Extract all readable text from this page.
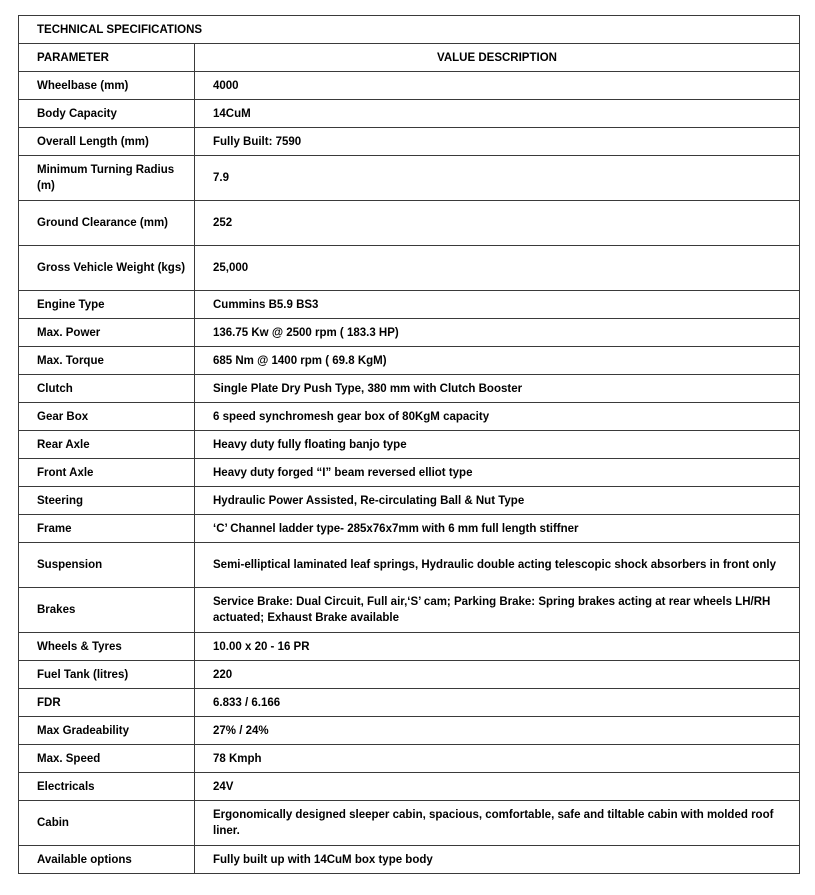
TECHNICAL SPECIFICATIONS	
PARAMETER	VALUE DESCRIPTION
Wheelbase (mm)	4000
Body Capacity	14CuM
Overall Length (mm)	Fully Built: 7590
Minimum Turning Radius (m)	7.9
Ground Clearance (mm)	252
Gross Vehicle Weight (kgs)	25,000
Engine Type	Cummins B5.9 BS3
Max. Power	136.75 Kw @ 2500 rpm ( 183.3 HP)
Max. Torque	685 Nm @ 1400 rpm ( 69.8 KgM)
Clutch	Single Plate Dry Push Type, 380 mm with Clutch Booster
Gear Box	6 speed synchromesh gear box of 80KgM capacity
Rear Axle	Heavy duty fully floating banjo type
Front Axle	Heavy duty forged “I” beam reversed elliot type
Steering	Hydraulic Power Assisted, Re-circulating Ball & Nut Type
Frame	‘C’ Channel ladder type- 285x76x7mm with 6 mm full length stiffner
Suspension	Semi-elliptical laminated leaf springs, Hydraulic double acting telescopic shock absorbers in front only
Brakes	Service Brake: Dual Circuit, Full air,‘S’ cam; Parking Brake: Spring brakes acting at rear wheels LH/RH actuated; Exhaust Brake available
Wheels & Tyres	10.00 x 20 - 16 PR
Fuel Tank (litres)	220
FDR	6.833 / 6.166
Max Gradeability	27% / 24%
Max. Speed	78 Kmph
Electricals	24V
Cabin	Ergonomically designed sleeper cabin, spacious, comfortable, safe and tiltable cabin with molded roof liner.
Available options	Fully built up with 14CuM box type body
